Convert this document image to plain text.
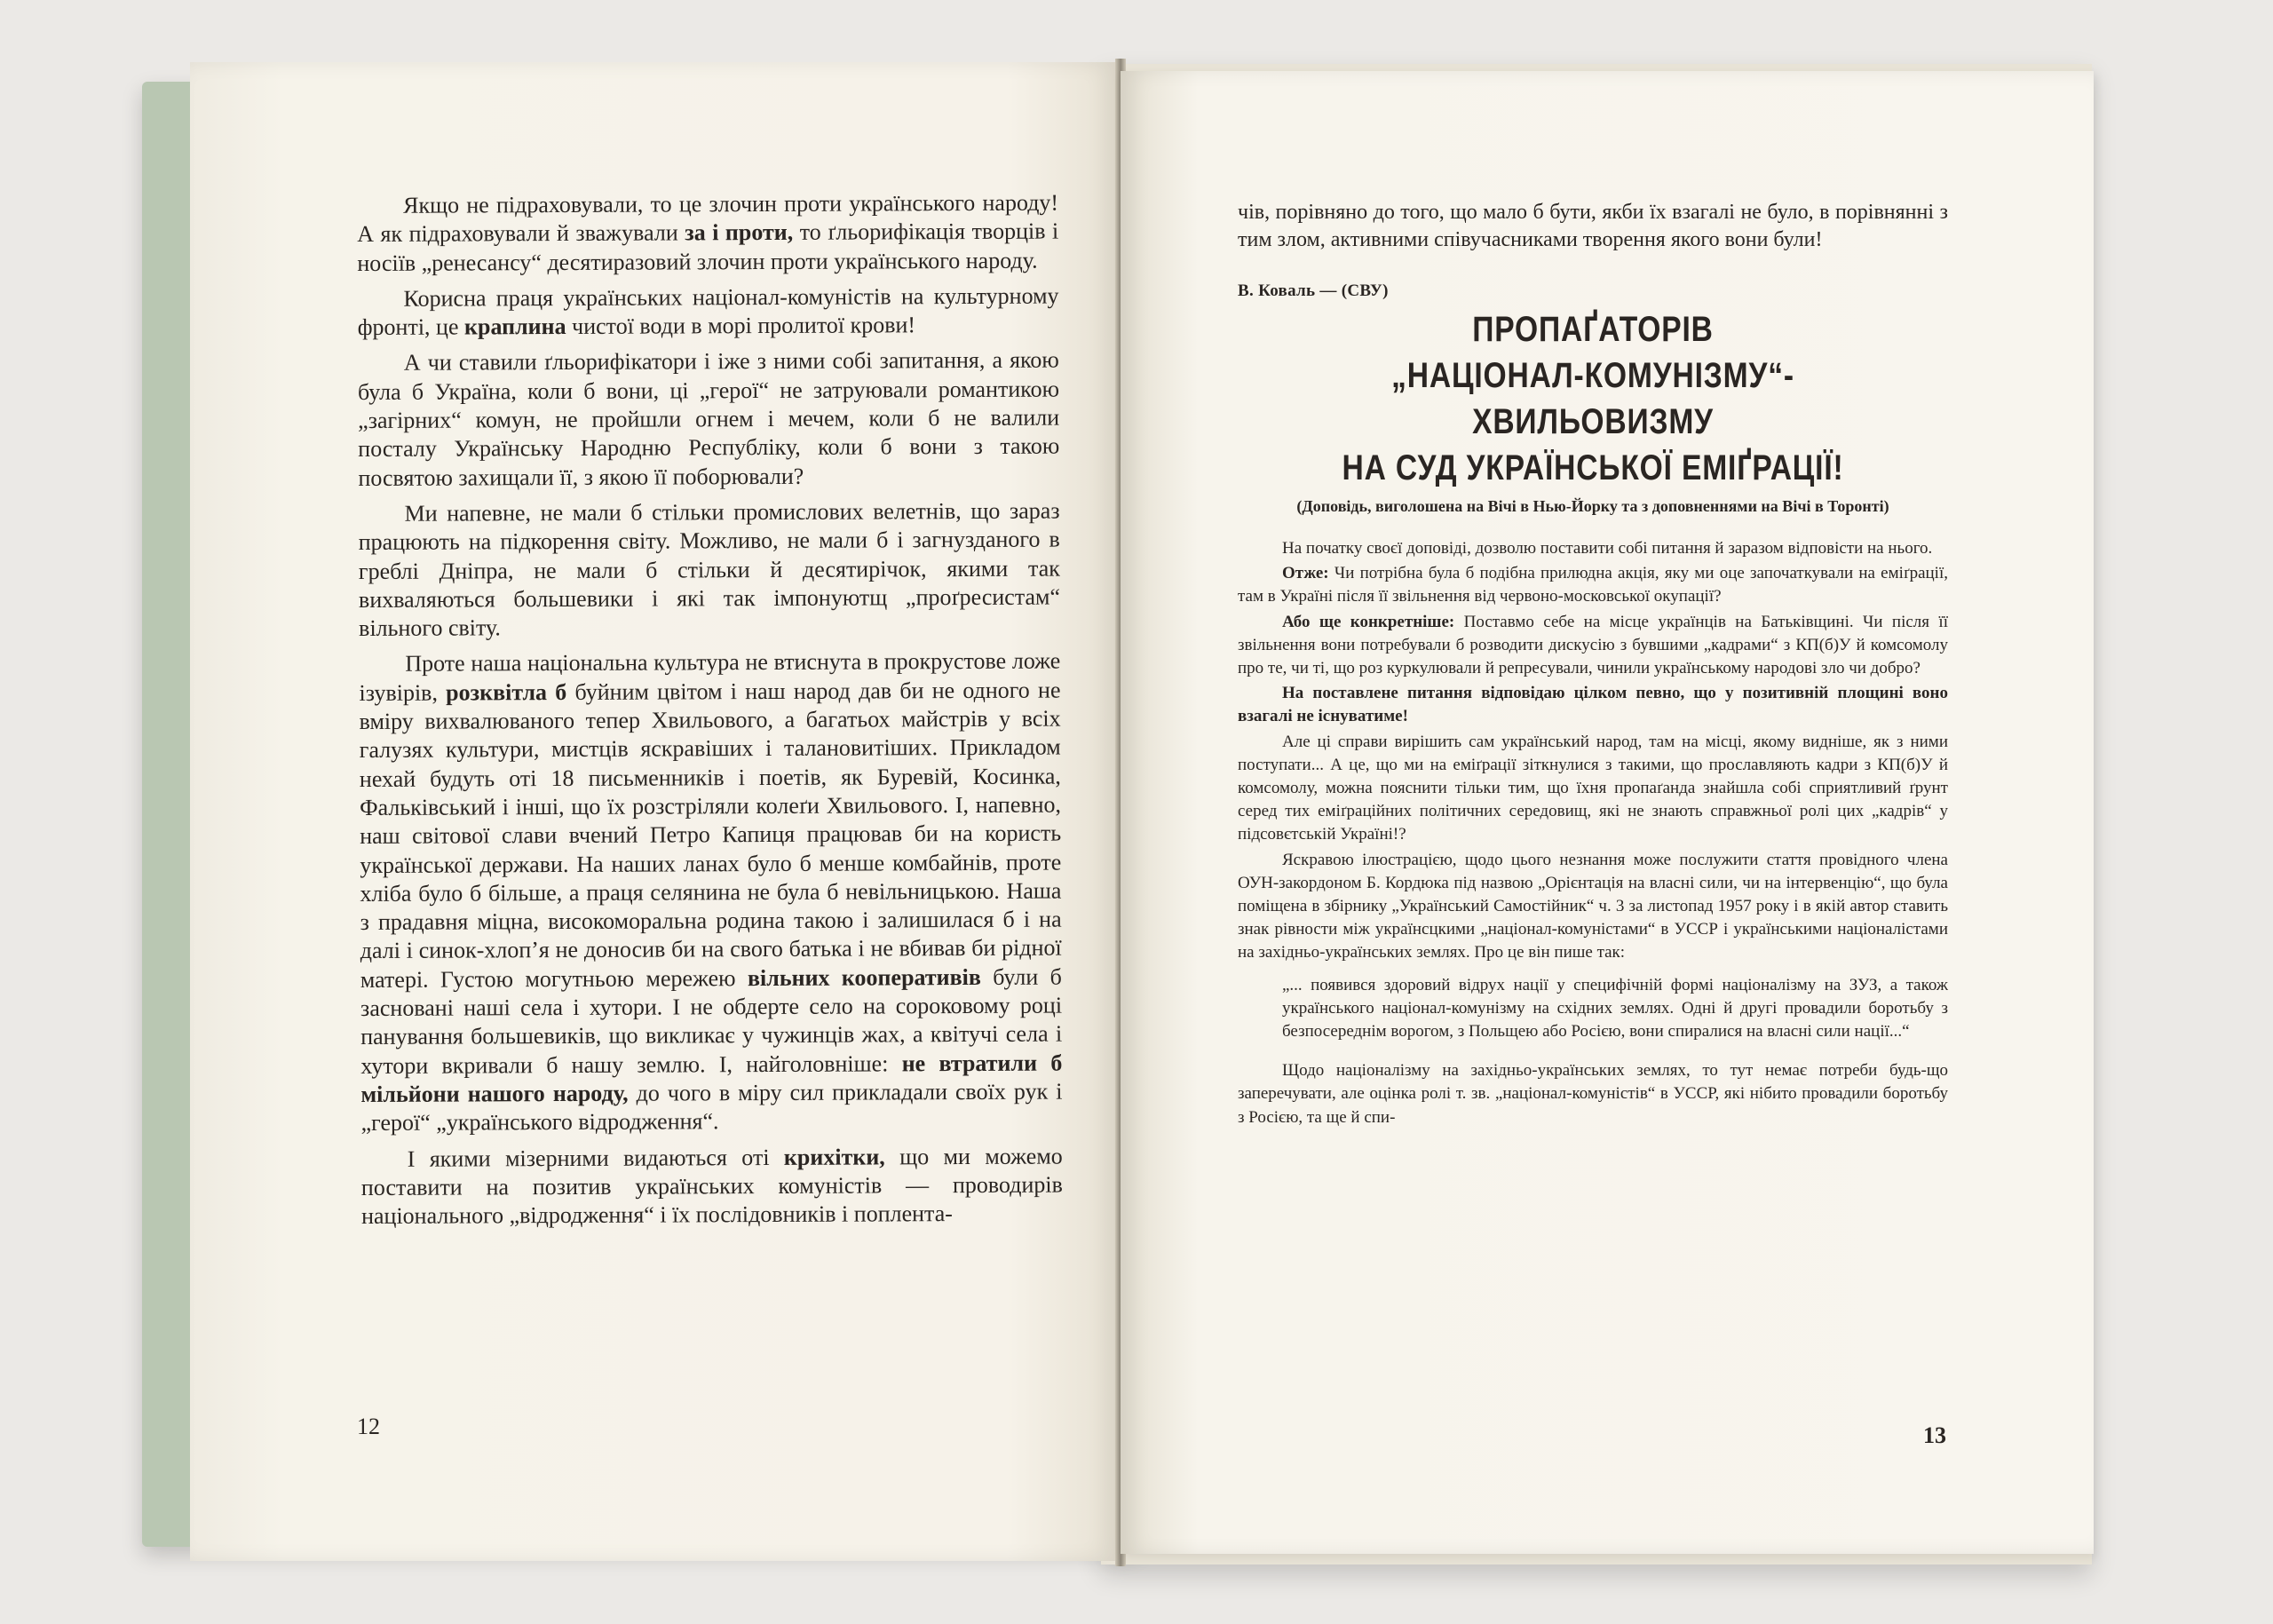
Якщо не підраховували, то це злочин проти українського народу! А як підраховували й зважували за і проти, то ґльорифікація творців і носіїв „ренесансу“ десятиразовий злочин проти українського народу.

Корисна праця українських націонал-комуністів на культурному фронті, це краплина чистої води в морі пролитої крови!

А чи ставили ґльорифікатори і іже з ними собі запитання, а якою була б Україна, коли б вони, ці „герої“ не затруювали романтикою „загірних“ комун, не пройшли огнем і мечем, коли б не валили посталу Українську Народню Республіку, коли б вони з такою посвятою захищали її, з якою її поборювали?

Ми напевне, не мали б стільки промислових велетнів, що зараз працюють на підкорення світу. Можливо, не мали б і загнузданого в греблі Дніпра, не мали б стільки й десятирічок, якими так вихваляються большевики і які так імпонуютщ „проґресистам“ вільного світу.

Проте наша національна культура не втиснута в прокрустове ложе ізувірів, розквітла б буйним цвітом і наш народ дав би не одного не вміру вихвалюваного тепер Хвильового, а багатьох майстрів у всіх галузях культури, мистців яскравіших і талановитіших. Прикладом нехай будуть оті 18 письменників і поетів, як Буревій, Косинка, Фальківський і інші, що їх розстріляли колеґи Хвильового. І, напевно, наш світової слави вчений Петро Капиця працював би на користь української держави. На наших ланах було б менше комбайнів, проте хліба було б більше, а праця селянина не була б невільницькою. Наша з прадавня міцна, високоморальна родина такою і залишилася б і на далі і синок-хлоп’я не доносив би на свого батька і не вбивав би рідної матері. Густою могутньою мережею вільних кооперативів були б засновані наші села і хутори. І не обдерте село на сороковому році панування большевиків, що викликає у чужинців жах, а квітучі села і хутори вкривали б нашу землю. І, найголовніше: не втратили б мільйони нашого народу, до чого в міру сил прикладали своїх рук і „герої“ „українського відродження“.

І якими мізерними видаються оті крихітки, що ми можемо поставити на позитив українських комуністів — проводирів національного „відродження“ і їх послідовників і поплента-

12

чів, порівняно до того, що мало б бути, якби їх взагалі не було, в порівнянні з тим злом, активними співучасниками творення якого вони були!

В. Коваль — (СВУ)

ПРОПАҐАТОРІВ
„НАЦІОНАЛ-КОМУНІЗМУ“-ХВИЛЬОВИЗМУ
НА СУД УКРАЇНСЬКОЇ ЕМІҐРАЦІЇ!

(Доповідь, виголошена на Вічі в Нью-Йорку та з доповненнями на Вічі в Торонті)

На початку своєї доповіді, дозволю поставити собі питання й заразом відповісти на нього.

Отже: Чи потрібна була б подібна прилюдна акція, яку ми оце започаткували на еміґрації, там в Україні після її звільнення від червоно-московської окупації?

Або ще конкретніше: Поставмо себе на місце українців на Батьківщині. Чи після її звільнення вони потребували б розводити дискусію з бувшими „кадрами“ з КП(б)У й комсомолу про те, чи ті, що роз куркулювали й репресували, чинили українському народові зло чи добро?

На поставлене питання відповідаю цілком певно, що у позитивній площині воно взагалі не існуватиме!

Але ці справи вирішить сам український народ, там на місці, якому видніше, як з ними поступати... А це, що ми на еміґрації зіткнулися з такими, що прославляють кадри з КП(б)У й комсомолу, можна пояснити тільки тим, що їхня пропаґанда знайшла собі сприятливий ґрунт серед тих еміґраційних політичних середовищ, які не знають справжньої ролі цих „кадрів“ у підсовєтській Україні!?

Яскравою ілюстрацією, щодо цього незнання може послужити стаття провідного члена ОУН-закордоном Б. Кордюка під назвою „Орієнтація на власні сили, чи на інтервенцію“, що була поміщена в збірнику „Український Самостійник“ ч. 3 за листопад 1957 року і в якій автор ставить знак рівности між українсцкими „націонал-комуністами“ в УССР і українськими націоналістами на західньо-українських землях. Про це він пише так:

„... появився здоровий відрух нації у специфічній формі націоналізму на ЗУЗ, а також українського націонал-комунізму на східних землях. Одні й другі провадили боротьбу з безпосереднім ворогом, з Польщею або Росією, вони спиралися на власні сили нації...“

Щодо націоналізму на західньо-українських землях, то тут немає потреби будь-що заперечувати, але оцінка ролі т. зв. „націонал-комуністів“ в УССР, які нібито провадили боротьбу з Росією, та ще й спи-

13
